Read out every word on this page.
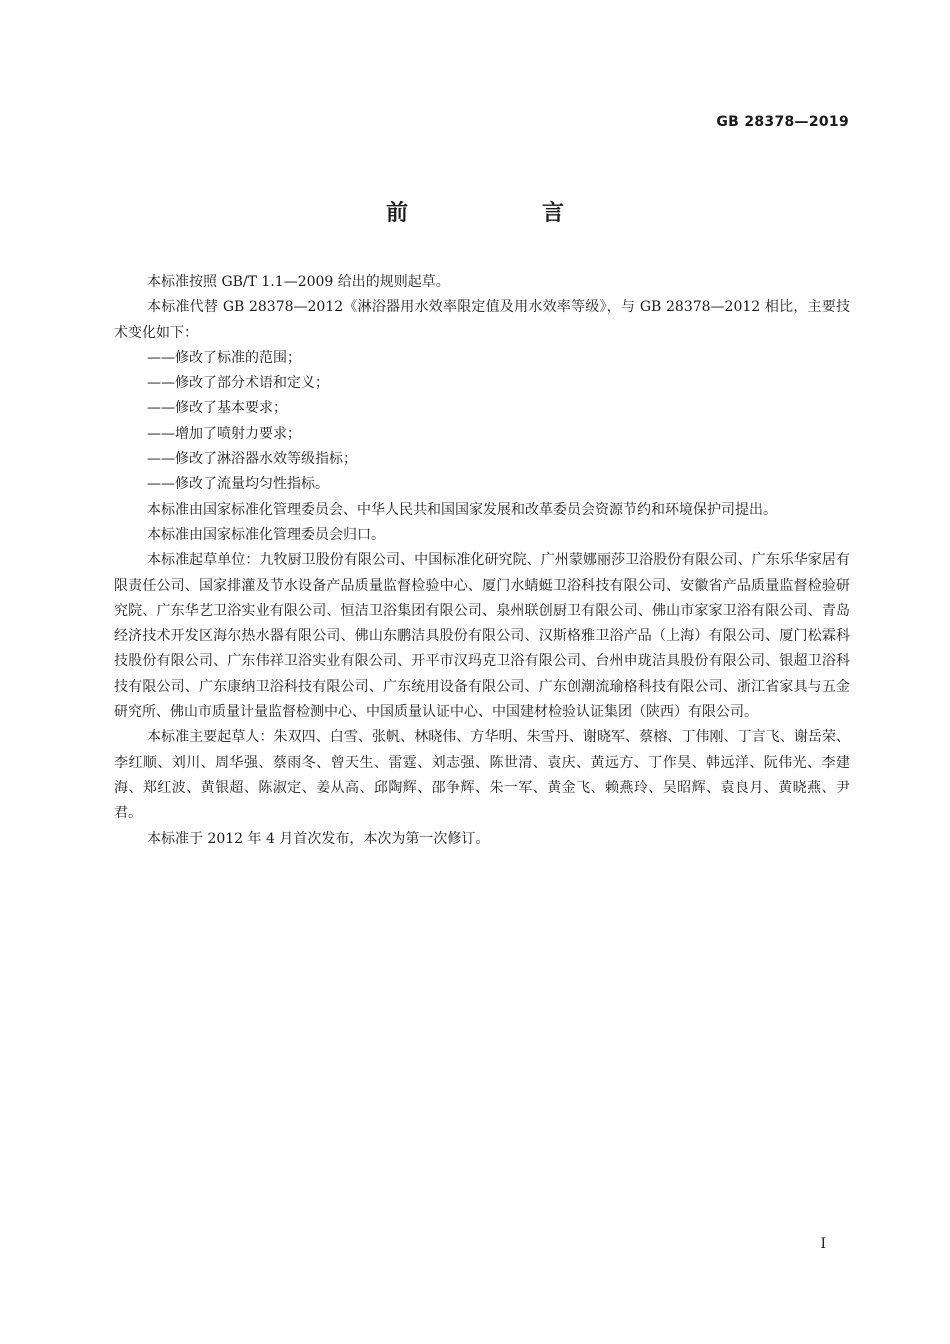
GB 28378—2019
前　言

本标准按照 GB/T 1.1—2009 给出的规则起草。

本标准代替 GB 28378—2012《淋浴器用水效率限定值及用水效率等级》，与 GB 28378—2012 相比，主要技术变化如下：

——修改了标准的范围；

——修改了部分术语和定义；

——修改了基本要求；

——增加了喷射力要求；

——修改了淋浴器水效等级指标；

——修改了流量均匀性指标。

本标准由国家标准化管理委员会、中华人民共和国国家发展和改革委员会资源节约和环境保护司提出。

本标准由国家标准化管理委员会归口。

本标准起草单位：九牧厨卫股份有限公司、中国标准化研究院、广州蒙娜丽莎卫浴股份有限公司、广东乐华家居有限责任公司、国家排灌及节水设备产品质量监督检验中心、厦门水蜻蜓卫浴科技有限公司、安徽省产品质量监督检验研究院、广东华艺卫浴实业有限公司、恒洁卫浴集团有限公司、泉州联创厨卫有限公司、佛山市家家卫浴有限公司、青岛经济技术开发区海尔热水器有限公司、佛山东鹏洁具股份有限公司、汉斯格雅卫浴产品（上海）有限公司、厦门松霖科技股份有限公司、广东伟祥卫浴实业有限公司、开平市汉玛克卫浴有限公司、台州申珑洁具股份有限公司、银超卫浴科技有限公司、广东康纳卫浴科技有限公司、广东统用设备有限公司、广东创潮流瑜格科技有限公司、浙江省家具与五金研究所、佛山市质量计量监督检测中心、中国质量认证中心、中国建材检验认证集团（陕西）有限公司。

本标准主要起草人：朱双四、白雪、张帆、林晓伟、方华明、朱雪丹、谢晓军、蔡榕、丁伟刚、丁言飞、谢岳荣、李红顺、刘川、周华强、蔡雨冬、曾天生、雷霆、刘志强、陈世清、袁庆、黄远方、丁作昊、韩远洋、阮伟光、李建海、郑红波、黄银超、陈淑定、姜从高、邱陶辉、邵争辉、朱一军、黄金飞、赖燕玲、吴昭辉、袁良月、黄晓燕、尹君。

本标准于 2012 年 4 月首次发布，本次为第一次修订。

I
